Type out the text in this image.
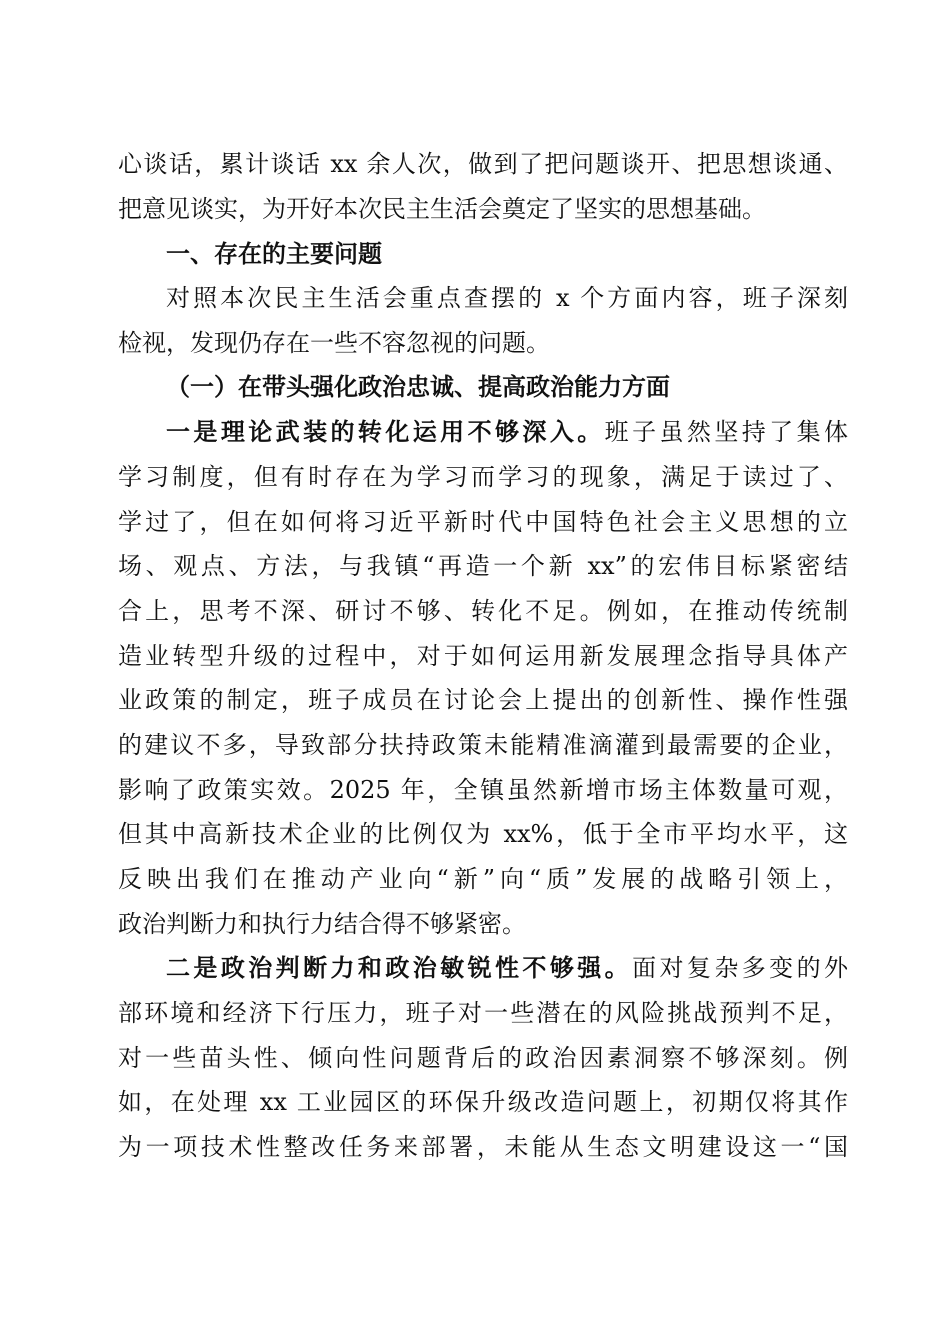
心谈话，累计谈话 xx 余人次，做到了把问题谈开、把思想谈通、
把意见谈实，为开好本次民主生活会奠定了坚实的思想基础。
一、存在的主要问题
对照本次民主生活会重点查摆的 x 个方面内容，班子深刻
检视，发现仍存在一些不容忽视的问题。
（一）在带头强化政治忠诚、提高政治能力方面
一是理论武装的转化运用不够深入。班子虽然坚持了集体
学习制度，但有时存在为学习而学习的现象，满足于读过了、
学过了，但在如何将习近平新时代中国特色社会主义思想的立
场、观点、方法，与我镇“再造一个新 xx”的宏伟目标紧密结
合上，思考不深、研讨不够、转化不足。例如，在推动传统制
造业转型升级的过程中，对于如何运用新发展理念指导具体产
业政策的制定，班子成员在讨论会上提出的创新性、操作性强
的建议不多，导致部分扶持政策未能精准滴灌到最需要的企业，
影响了政策实效。2025 年，全镇虽然新增市场主体数量可观，
但其中高新技术企业的比例仅为 xx%，低于全市平均水平，这
反映出我们在推动产业向“新”向“质”发展的战略引领上，
政治判断力和执行力结合得不够紧密。
二是政治判断力和政治敏锐性不够强。面对复杂多变的外
部环境和经济下行压力，班子对一些潜在的风险挑战预判不足，
对一些苗头性、倾向性问题背后的政治因素洞察不够深刻。例
如，在处理 xx 工业园区的环保升级改造问题上，初期仅将其作
为一项技术性整改任务来部署，未能从生态文明建设这一“国
